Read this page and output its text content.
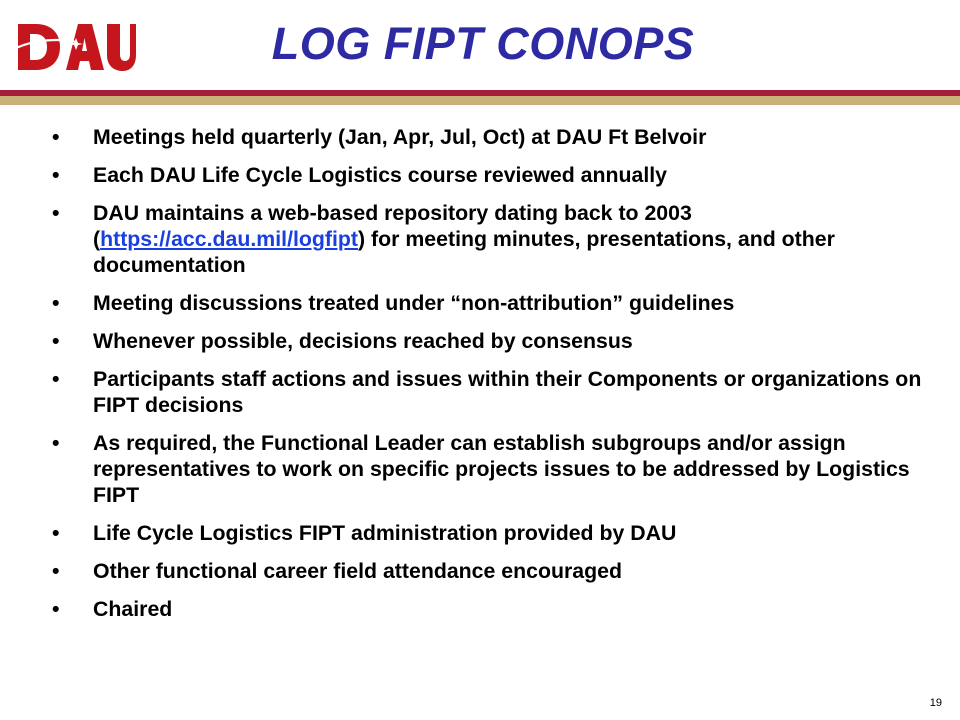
LOG FIPT CONOPS
• Meetings held quarterly (Jan, Apr, Jul, Oct) at DAU Ft Belvoir
• Each DAU Life Cycle Logistics course reviewed annually
• DAU maintains a web-based repository dating back to 2003 (https://acc.dau.mil/logfipt) for meeting minutes, presentations, and other documentation
• Meeting discussions treated under “non-attribution” guidelines
• Whenever possible, decisions reached by consensus
• Participants staff actions and issues within their Components or organizations on FIPT decisions
• As required, the Functional Leader can establish subgroups and/or assign representatives to work on specific projects issues to be addressed by Logistics FIPT
• Life Cycle Logistics FIPT administration provided by DAU
• Other functional career field attendance encouraged
• Chaired
19
